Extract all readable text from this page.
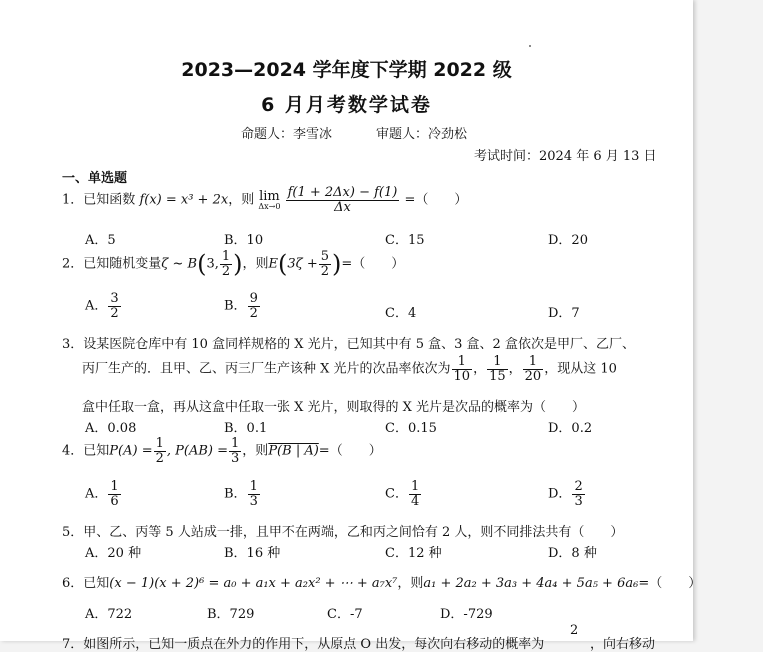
2023—2024 学年度下学期 2022 级
6 月月考数学试卷
命题人：李雪冰	审题人：冷劲松
考试时间：2024 年 6 月 13 日
一、单选题
1．已知函数 f(x) = x³ + 2x，则 lim
Δx→0
$\frac{f(1 + 2\Delta x) - f(1)}{\Delta x}$ =（　　）
A．5	B．10	C．15	D．20
2．已知随机变量ζ ~ B(3, $\frac{1}{2}$ )，则$E(3\zeta + \frac{5}{2}$ )=（　　）
A． $\frac{3}{2}$	B． $\frac{9}{2}$	C．4	D．7
3．设某医院仓库中有 10 盒同样规格的 X 光片，已知其中有 5 盒、3 盒、2 盒依次是甲厂、乙厂、
丙厂生产的．且甲、乙、丙三厂生产该种 X 光片的次品率依次为 $\frac{1}{10}$ ， $\frac{1}{15}$ ， $\frac{1}{20}$ ，现从这 10
盒中任取一盒，再从这盒中任取一张 X 光片，则取得的 X 光片是次品的概率为（　　）
A．0.08	B．0.1	C．0.15	D．0.2
4．已知$P(A) = \frac{1}{2}$ , $P(AB) = \frac{1}{3}$ ，则P(B | A)=（　　）
A． $\frac{1}{6}$	B． $\frac{1}{3}$	C． $\frac{1}{4}$	D． $\frac{2}{3}$
5．甲、乙、丙等 5 人站成一排，且甲不在两端，乙和丙之间恰有 2 人，则不同排法共有（　　）
A．20 种	B．16 种	C．12 种	D．8 种
6．已知(x − 1)(x + 2)⁶ = a₀ + a₁x + a₂x² + ⋯ + a₇x⁷，则a₁ + 2a₂ + 3a₃ + 4a₄ + 5a₅ + 6a₆=（　　）
A．722	B．729	C．-7	D．-729
7．如图所示，已知一质点在外力的作用下，从原点 O 出发，每次向右移动的概率为
2
，向右移动
